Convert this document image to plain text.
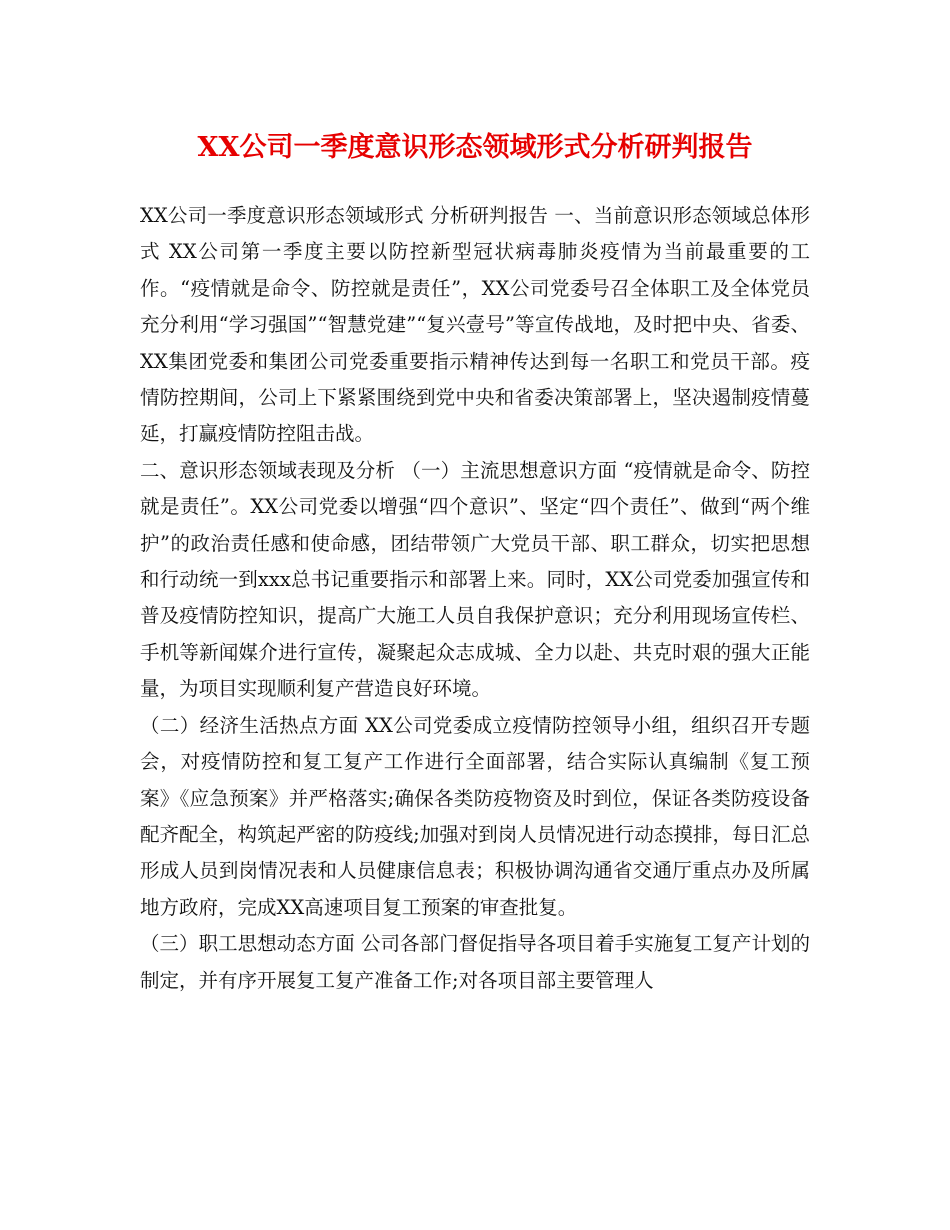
XX公司一季度意识形态领域形式分析研判报告

XX公司一季度意识形态领域形式 分析研判报告 一、当前意识形态领域总体形式 XX公司第一季度主要以防控新型冠状病毒肺炎疫情为当前最重要的工作。“疫情就是命令、防控就是责任”，XX公司党委号召全体职工及全体党员充分利用“学习强国”“智慧党建”“复兴壹号”等宣传战地，及时把中央、省委、XX集团党委和集团公司党委重要指示精神传达到每一名职工和党员干部。疫情防控期间，公司上下紧紧围绕到党中央和省委决策部署上，坚决遏制疫情蔓延，打赢疫情防控阻击战。

二、意识形态领域表现及分析 （一）主流思想意识方面 “疫情就是命令、防控就是责任”。XX公司党委以增强“四个意识”、坚定“四个责任”、做到“两个维护”的政治责任感和使命感，团结带领广大党员干部、职工群众，切实把思想和行动统一到xxx总书记重要指示和部署上来。同时，XX公司党委加强宣传和普及疫情防控知识，提高广大施工人员自我保护意识；充分利用现场宣传栏、手机等新闻媒介进行宣传，凝聚起众志成城、全力以赴、共克时艰的强大正能量，为项目实现顺利复产营造良好环境。

（二）经济生活热点方面 XX公司党委成立疫情防控领导小组，组织召开专题会，对疫情防控和复工复产工作进行全面部署，结合实际认真编制《复工预案》《应急预案》并严格落实;确保各类防疫物资及时到位，保证各类防疫设备配齐配全，构筑起严密的防疫线;加强对到岗人员情况进行动态摸排，每日汇总形成人员到岗情况表和人员健康信息表；积极协调沟通省交通厅重点办及所属地方政府，完成XX高速项目复工预案的审查批复。

（三）职工思想动态方面 公司各部门督促指导各项目着手实施复工复产计划的制定，并有序开展复工复产准备工作;对各项目部主要管理人
